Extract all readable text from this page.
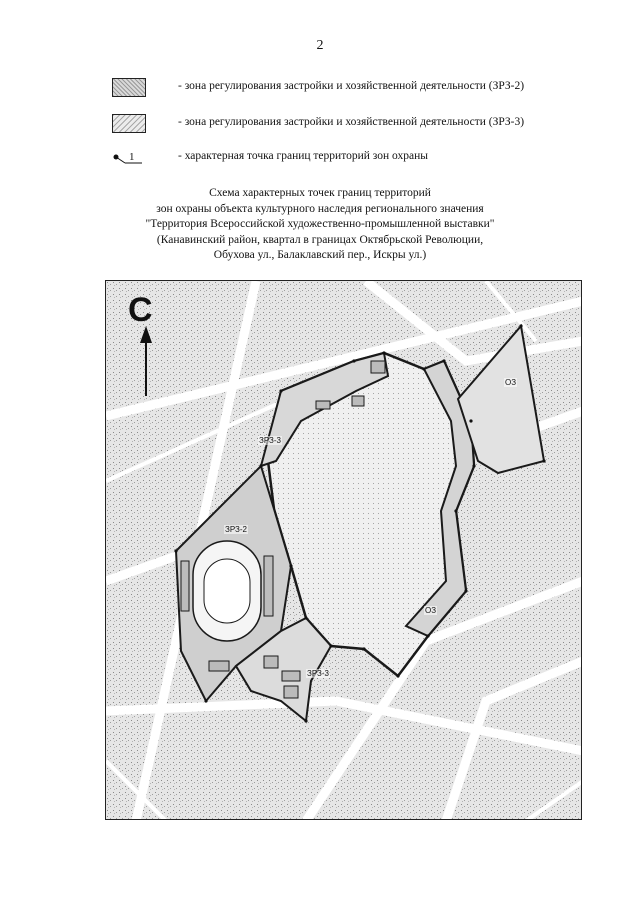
2
- зона регулирования застройки и хозяйственной деятельности (ЗРЗ-2)
- зона регулирования застройки и хозяйственной деятельности (ЗРЗ-3)
1	- характерная точка границ территорий зон охраны
Схема характерных точек границ территорий
зон охраны объекта культурного наследия регионального значения
"Территория Всероссийской художественно-промышленной выставки"
(Канавинский район, квартал в границах Октябрьской Революции,
Обухова ул., Балаклавский пер., Искры ул.)
С
ЗРЗ-3
ЗРЗ-2
ЗРЗ-3
ОЗ
ОЗ
